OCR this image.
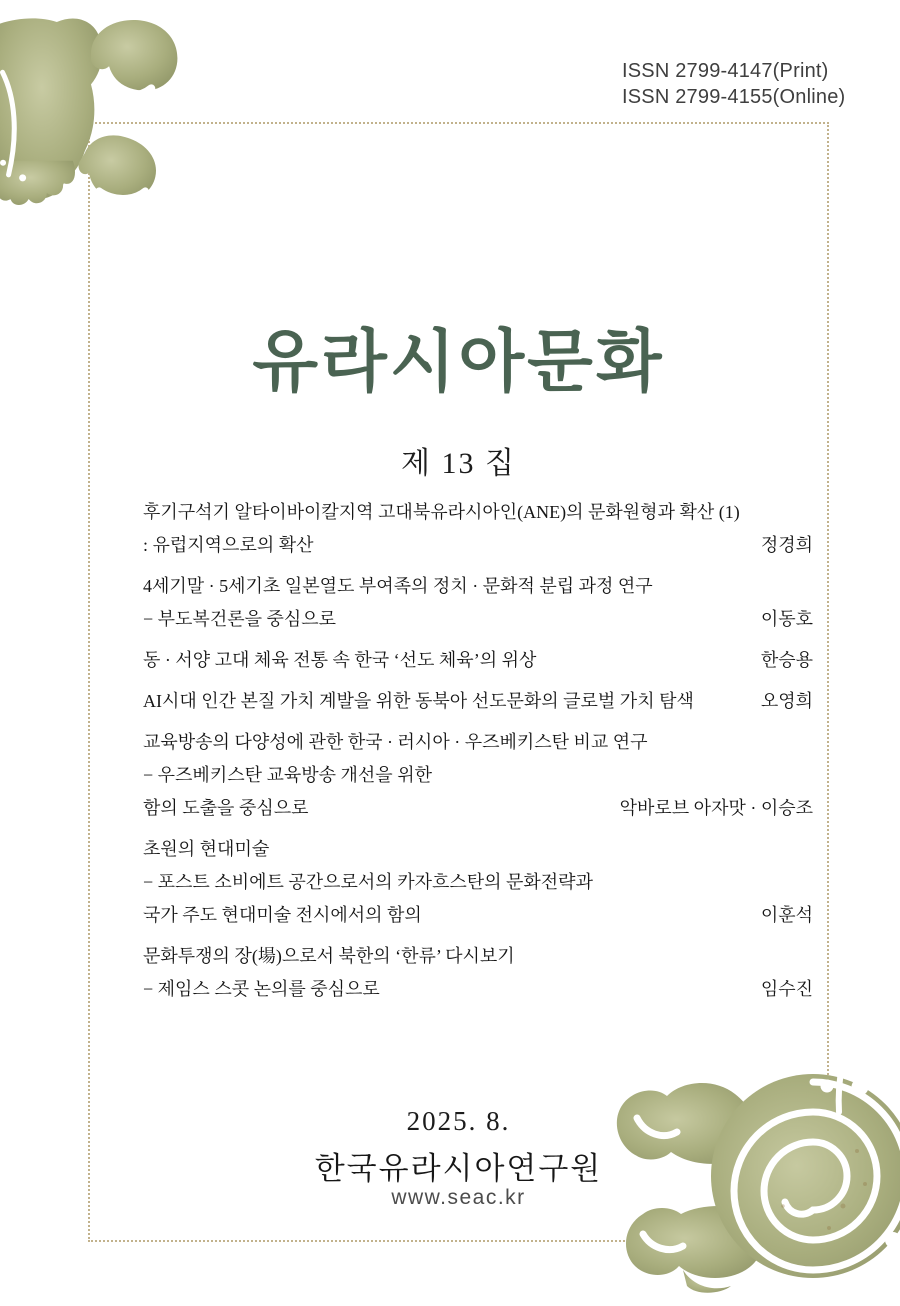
ISSN 2799-4147(Print)
ISSN 2799-4155(Online)
유라시아문화
제 13 집
후기구석기 알타이바이칼지역 고대북유라시아인(ANE)의 문화원형과 확산 (1)
: 유럽지역으로의 확산	정경희
4세기말 · 5세기초 일본열도 부여족의 정치 · 문화적 분립 과정 연구
− 부도복건론을 중심으로	이동호
동 · 서양 고대 체육 전통 속 한국 ‘선도 체육’의 위상	한승용
AI시대 인간 본질 가치 계발을 위한 동북아 선도문화의 글로벌 가치 탐색	오영희
교육방송의 다양성에 관한 한국 · 러시아 · 우즈베키스탄 비교 연구
− 우즈베키스탄 교육방송 개선을 위한
함의 도출을 중심으로	악바로브 아자맛 · 이승조
초원의 현대미술
− 포스트 소비에트 공간으로서의 카자흐스탄의 문화전략과
국가 주도 현대미술 전시에서의 함의	이훈석
문화투쟁의 장(場)으로서 북한의 ‘한류’ 다시보기
− 제임스 스콧 논의를 중심으로	임수진
2025. 8.
한국유라시아연구원
www.seac.kr
